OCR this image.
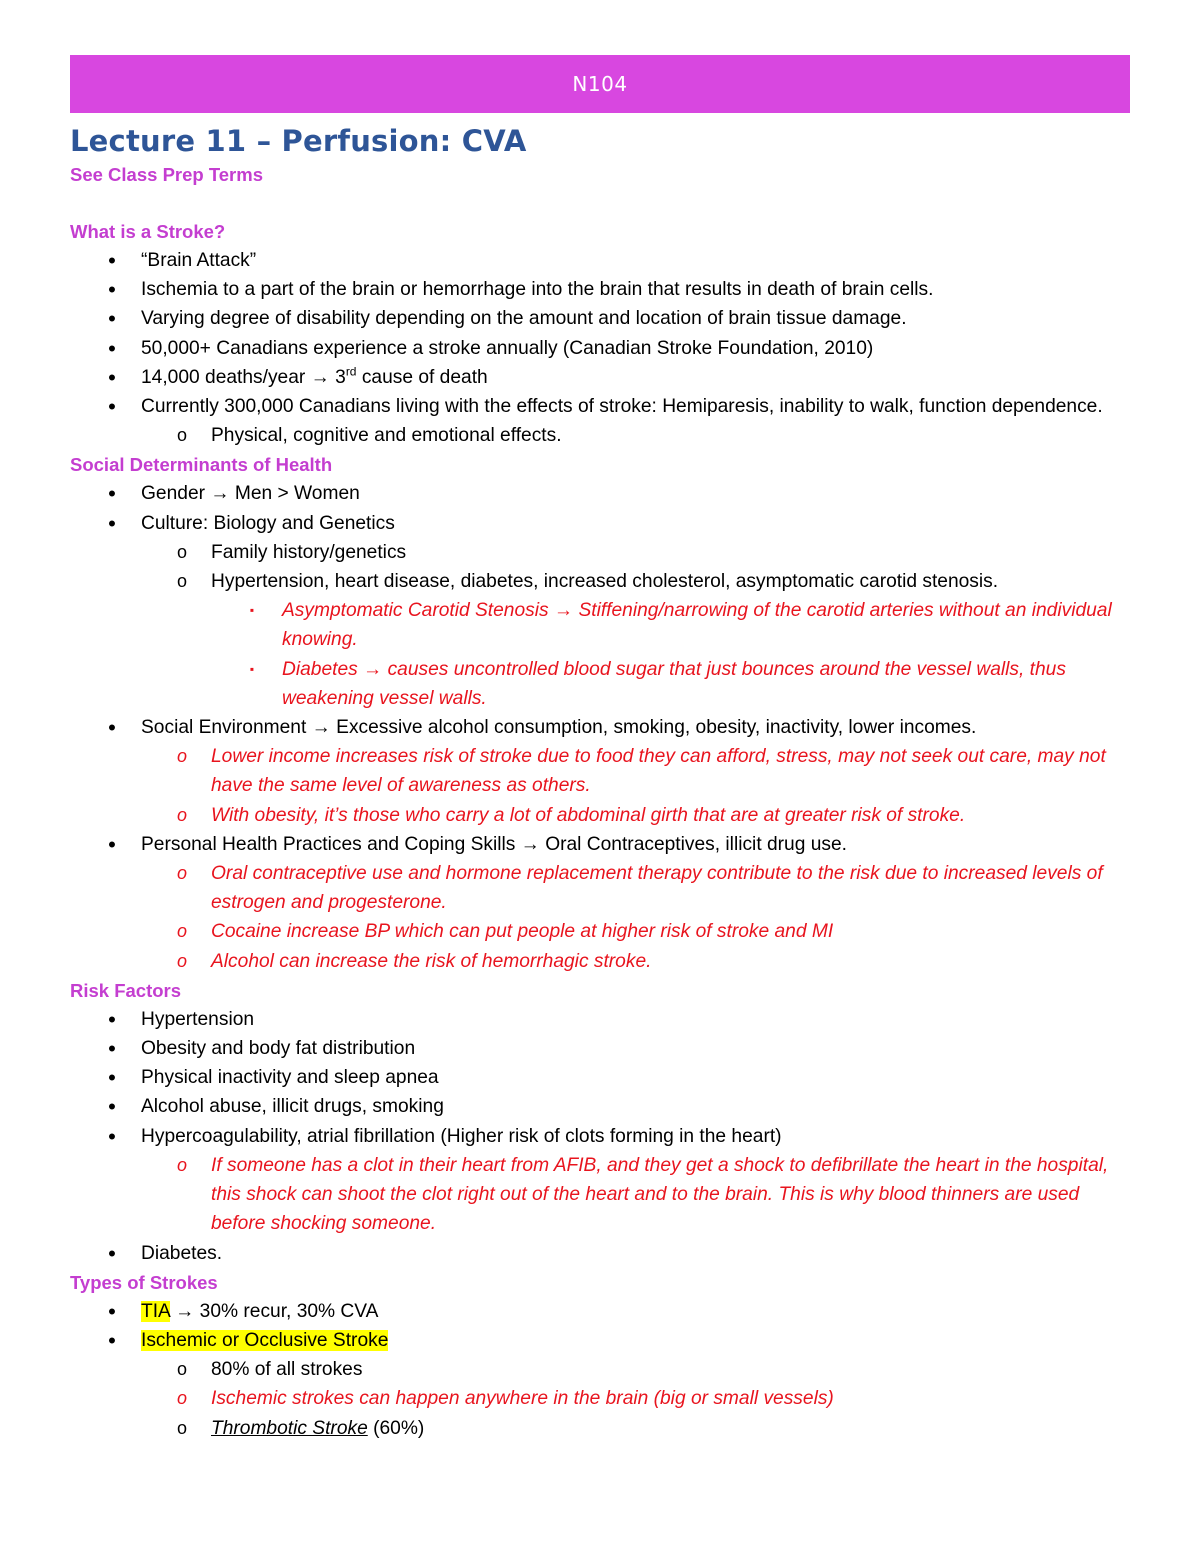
N104
Lecture 11 – Perfusion: CVA

See Class Prep Terms

What is a Stroke?

•	“Brain Attack”
•	Ischemia to a part of the brain or hemorrhage into the brain that results in death of brain cells.
•	Varying degree of disability depending on the amount and location of brain tissue damage.
•	50,000+ Canadians experience a stroke annually (Canadian Stroke Foundation, 2010)
•	14,000 deaths/year → 3rd cause of death
•	Currently 300,000 Canadians living with the effects of stroke: Hemiparesis, inability to walk, function dependence.
o Physical, cognitive and emotional effects.

Social Determinants of Health

•	Gender → Men > Women
•	Culture: Biology and Genetics
o Family history/genetics
o Hypertension, heart disease, diabetes, increased cholesterol, asymptomatic carotid stenosis.
▪	Asymptomatic Carotid Stenosis → Stiffening/narrowing of the carotid arteries without an individual knowing.
▪	Diabetes → causes uncontrolled blood sugar that just bounces around the vessel walls, thus weakening vessel walls.
•	Social Environment → Excessive alcohol consumption, smoking, obesity, inactivity, lower incomes.
o Lower income increases risk of stroke due to food they can afford, stress, may not seek out care, may not have the same level of awareness as others.
o With obesity, it’s those who carry a lot of abdominal girth that are at greater risk of stroke.
•	Personal Health Practices and Coping Skills → Oral Contraceptives, illicit drug use.
o Oral contraceptive use and hormone replacement therapy contribute to the risk due to increased levels of estrogen and progesterone.
o Cocaine increase BP which can put people at higher risk of stroke and MI
o Alcohol can increase the risk of hemorrhagic stroke.

Risk Factors

•	Hypertension
•	Obesity and body fat distribution
•	Physical inactivity and sleep apnea
•	Alcohol abuse, illicit drugs, smoking
•	Hypercoagulability, atrial fibrillation (Higher risk of clots forming in the heart)
o If someone has a clot in their heart from AFIB, and they get a shock to defibrillate the heart in the hospital, this shock can shoot the clot right out of the heart and to the brain. This is why blood thinners are used before shocking someone.
•	Diabetes.

Types of Strokes

•	TIA → 30% recur, 30% CVA
•	Ischemic or Occlusive Stroke
o 80% of all strokes
o Ischemic strokes can happen anywhere in the brain (big or small vessels)
o Thrombotic Stroke (60%)
